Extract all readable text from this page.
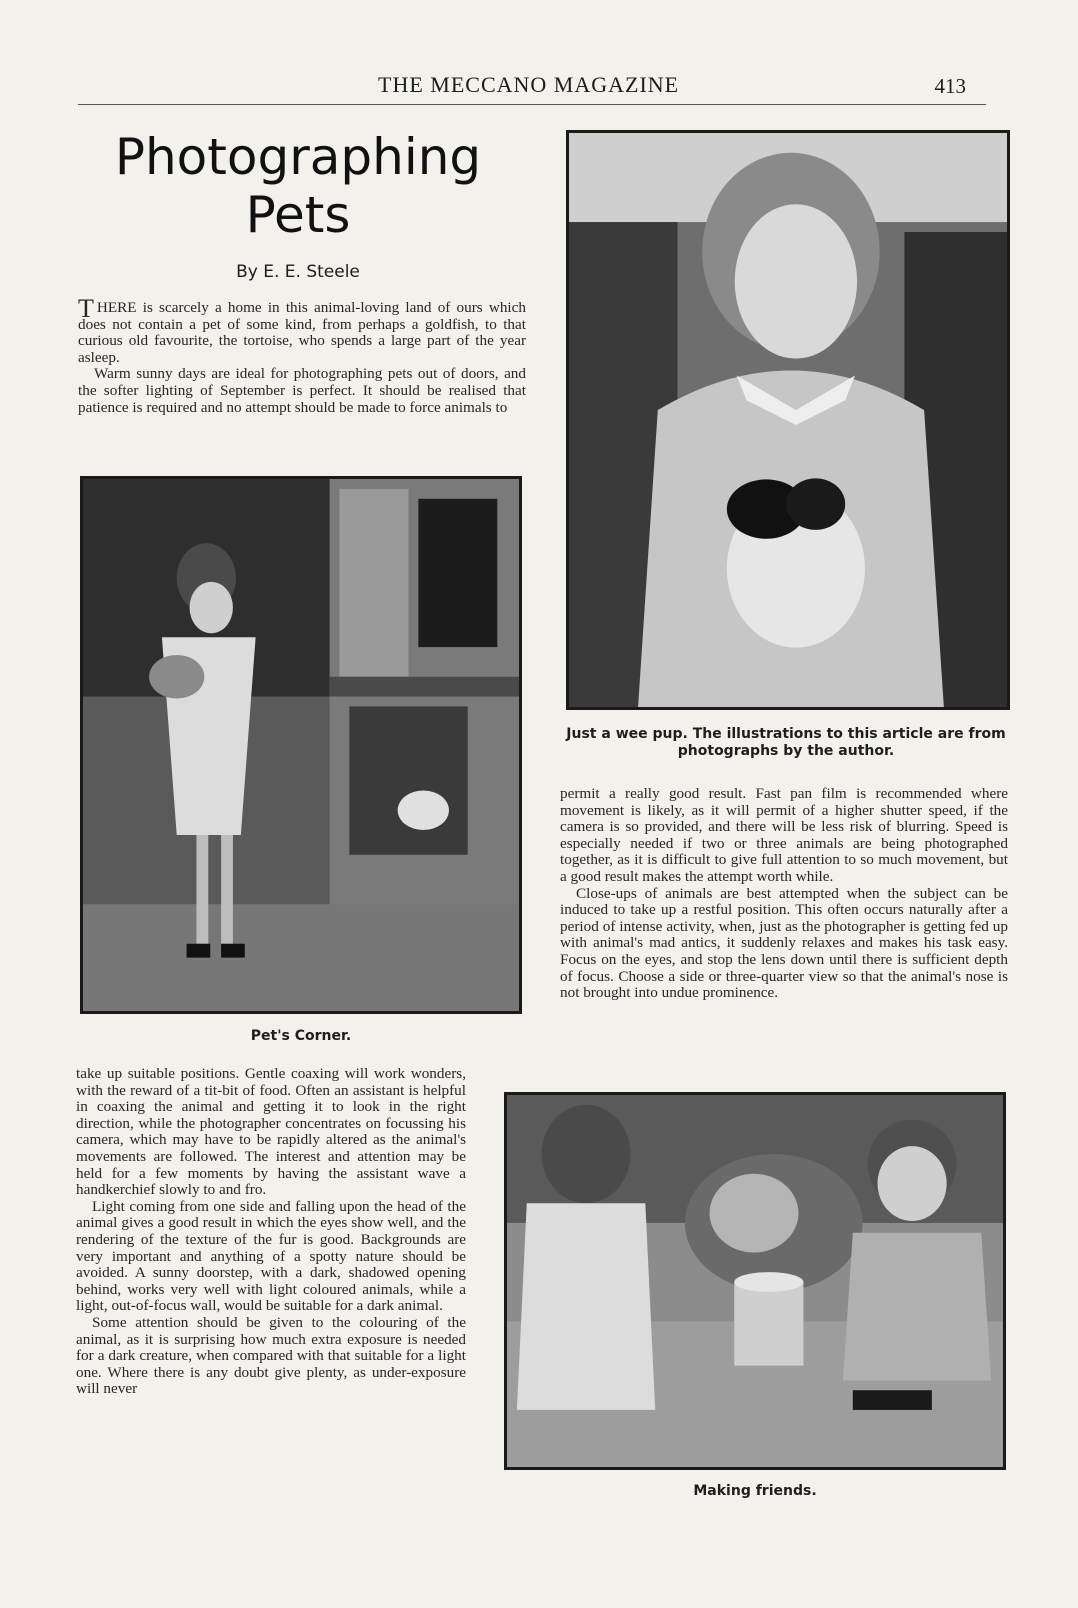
THE MECCANO MAGAZINE	413
Photographing
Pets
By E. E. Steele

THERE is scarcely a home in this animal-loving land of ours which does not contain a pet of some kind, from perhaps a goldfish, to that curious old favourite, the tortoise, who spends a large part of the year asleep.

Warm sunny days are ideal for photographing pets out of doors, and the softer lighting of September is perfect. It should be realised that patience is required and no attempt should be made to force animals to

Pet's Corner.

take up suitable positions. Gentle coaxing will work wonders, with the reward of a tit-bit of food. Often an assistant is helpful in coaxing the animal and getting it to look in the right direction, while the photographer concentrates on focussing his camera, which may have to be rapidly altered as the animal's movements are followed. The interest and attention may be held for a few moments by having the assistant wave a handkerchief slowly to and fro.

Light coming from one side and falling upon the head of the animal gives a good result in which the eyes show well, and the rendering of the texture of the fur is good. Backgrounds are very important and anything of a spotty nature should be avoided. A sunny doorstep, with a dark, shadowed opening behind, works very well with light coloured animals, while a light, out-of-focus wall, would be suitable for a dark animal.

Some attention should be given to the colouring of the animal, as it is surprising how much extra exposure is needed for a dark creature, when compared with that suitable for a light one. Where there is any doubt give plenty, as under-exposure will never

Just a wee pup. The illustrations to this article are from photographs by the author.

permit a really good result. Fast pan film is recommended where movement is likely, as it will permit of a higher shutter speed, if the camera is so provided, and there will be less risk of blurring. Speed is especially needed if two or three animals are being photographed together, as it is difficult to give full attention to so much movement, but a good result makes the attempt worth while.

Close-ups of animals are best attempted when the subject can be induced to take up a restful position. This often occurs naturally after a period of intense activity, when, just as the photographer is getting fed up with animal's mad antics, it suddenly relaxes and makes his task easy. Focus on the eyes, and stop the lens down until there is sufficient depth of focus. Choose a side or three-quarter view so that the animal's nose is not brought into undue prominence.

Making friends.
